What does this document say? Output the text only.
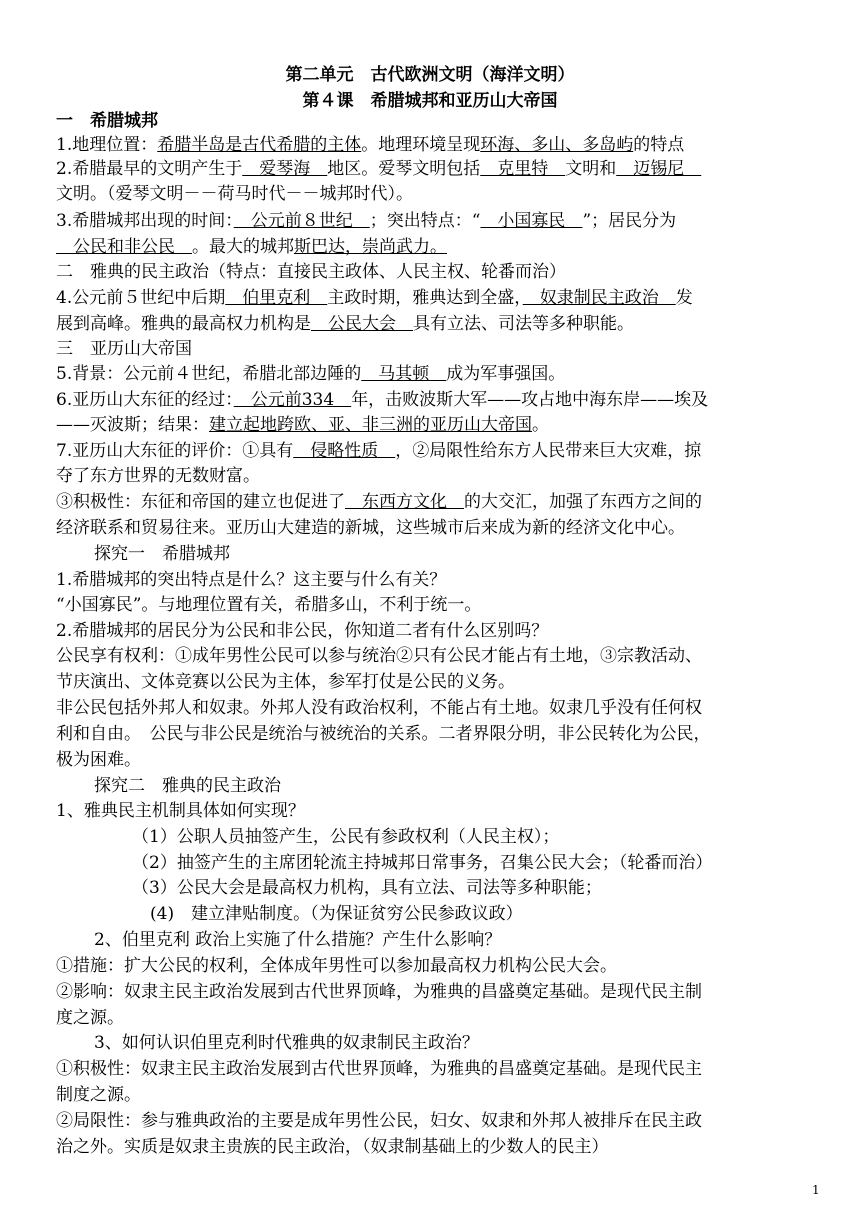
第二单元　古代欧洲文明（海洋文明）
第４课　希腊城邦和亚历山大帝国
一　希腊城邦
1.地理位置：希腊半岛是古代希腊的主体。地理环境呈现环海、多山、多岛屿的特点
2.希腊最早的文明产生于　爱琴海　地区。爱琴文明包括　克里特　文明和　迈锡尼　
文明。（爱琴文明－－荷马时代－－城邦时代）。
3.希腊城邦出现的时间：　公元前８世纪　；突出特点：“　小国寡民　”；居民分为
　公民和非公民　。最大的城邦斯巴达，崇尚武力。
二　雅典的民主政治（特点：直接民主政体、人民主权、轮番而治）
4.公元前５世纪中后期　伯里克利　主政时期，雅典达到全盛，　奴隶制民主政治　发
展到高峰。雅典的最高权力机构是　公民大会　具有立法、司法等多种职能。
三　亚历山大帝国
5.背景：公元前４世纪，希腊北部边陲的　马其顿　成为军事强国。
6.亚历山大东征的经过：　公元前334　年，击败波斯大军——攻占地中海东岸——埃及
——灭波斯；结果：建立起地跨欧、亚、非三洲的亚历山大帝国。
7.亚历山大东征的评价：①具有　侵略性质　，②局限性给东方人民带来巨大灾难，掠
夺了东方世界的无数财富。
③积极性：东征和帝国的建立也促进了　东西方文化　的大交汇，加强了东西方之间的
经济联系和贸易往来。亚历山大建造的新城，这些城市后来成为新的经济文化中心。
探究一　希腊城邦
1.希腊城邦的突出特点是什么？这主要与什么有关？
“小国寡民”。与地理位置有关，希腊多山，不利于统一。
2.希腊城邦的居民分为公民和非公民，你知道二者有什么区别吗？
公民享有权利：①成年男性公民可以参与统治②只有公民才能占有土地，③宗教活动、
节庆演出、文体竞赛以公民为主体，参军打仗是公民的义务。
非公民包括外邦人和奴隶。外邦人没有政治权利，不能占有土地。奴隶几乎没有任何权
利和自由。　公民与非公民是统治与被统治的关系。二者界限分明，非公民转化为公民，
极为困难。
探究二　雅典的民主政治
1、雅典民主机制具体如何实现？
（1）公职人员抽签产生，公民有参政权利（人民主权）；
（2）抽签产生的主席团轮流主持城邦日常事务，召集公民大会；（轮番而治）
（3）公民大会是最高权力机构，具有立法、司法等多种职能；
(4)　建立津贴制度。（为保证贫穷公民参政议政）
2、伯里克利 政治上实施了什么措施？产生什么影响？
①措施：扩大公民的权利，全体成年男性可以参加最高权力机构公民大会。
②影响：奴隶主民主政治发展到古代世界顶峰，为雅典的昌盛奠定基础。是现代民主制
度之源。
3、如何认识伯里克利时代雅典的奴隶制民主政治？
①积极性：奴隶主民主政治发展到古代世界顶峰，为雅典的昌盛奠定基础。是现代民主
制度之源。
②局限性：参与雅典政治的主要是成年男性公民，妇女、奴隶和外邦人被排斥在民主政
治之外。实质是奴隶主贵族的民主政治，（奴隶制基础上的少数人的民主）
1
